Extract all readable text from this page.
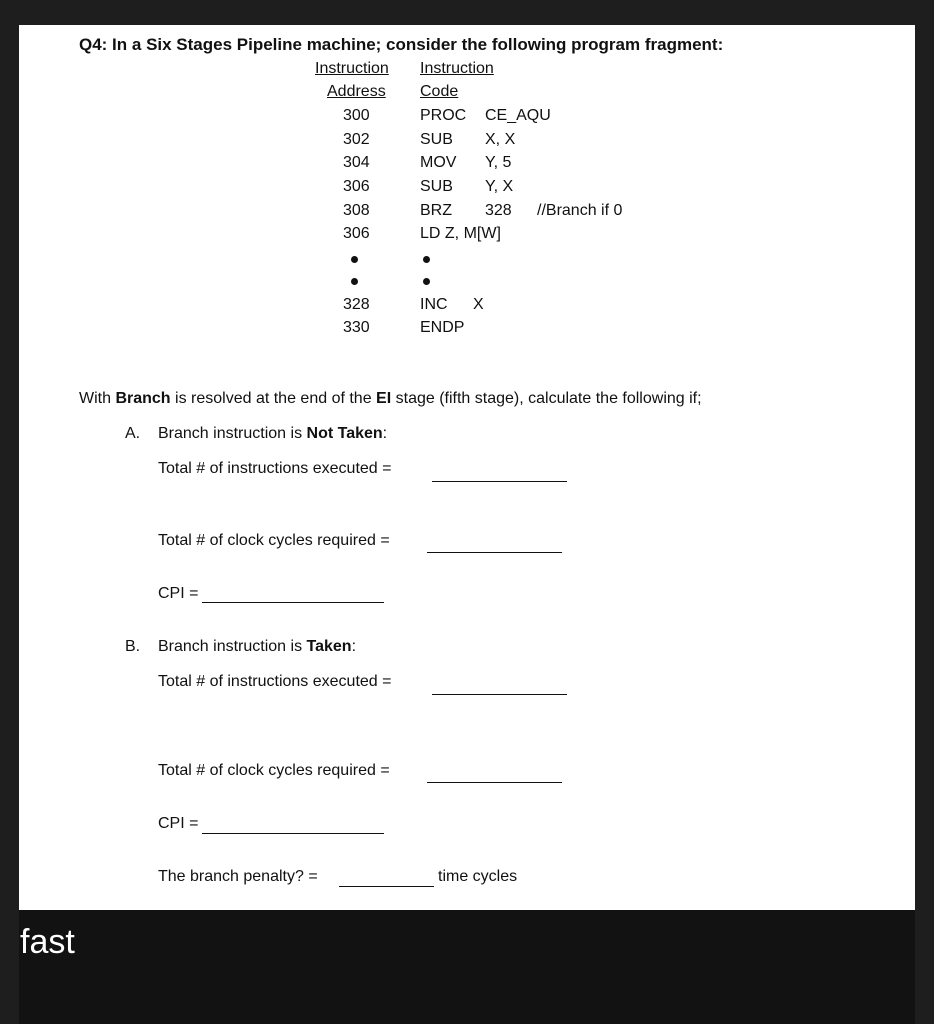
Q4: In a Six Stages Pipeline machine; consider the following program fragment:
Instruction Instruction
Address Code
300	PROC CE_AQU
302	SUB X, X
304	MOV Y, 5
306	SUB Y, X
308	BRZ 328 //Branch if 0
306	LD Z, M[W]
328	INC X
330	ENDP
With Branch is resolved at the end of the EI stage (fifth stage), calculate the following if;
A. Branch instruction is Not Taken:
Total # of instructions executed =
Total # of clock cycles required =
CPI =
B. Branch instruction is Taken:
Total # of instructions executed =
Total # of clock cycles required =
CPI =
The branch penalty? =	time cycles
fast
